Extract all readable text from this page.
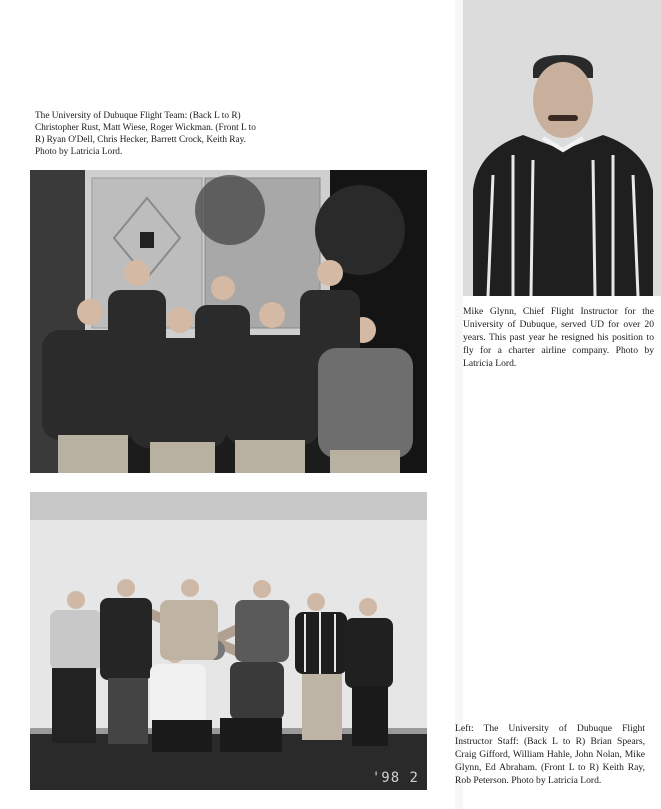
The University of Dubuque Flight Team: (Back L to R) Christopher Rust, Matt Wiese, Roger Wickman. (Front L to R) Ryan O'Dell, Chris Hecker, Barrett Crock, Keith Ray. Photo by Latricia Lord.

Mike Glynn, Chief Flight Instructor for the University of Dubuque, served UD for over 20 years. This past year he resigned his position to fly for a charter airline company. Photo by Latricia Lord.

'98 2

Left: The University of Dubuque Flight Instructor Staff: (Back L to R) Brian Spears, Craig Gifford, William Hahle, John Nolan, Mike Glynn, Ed Abraham. (Front L to R) Keith Ray, Rob Peterson. Photo by Latricia Lord.
